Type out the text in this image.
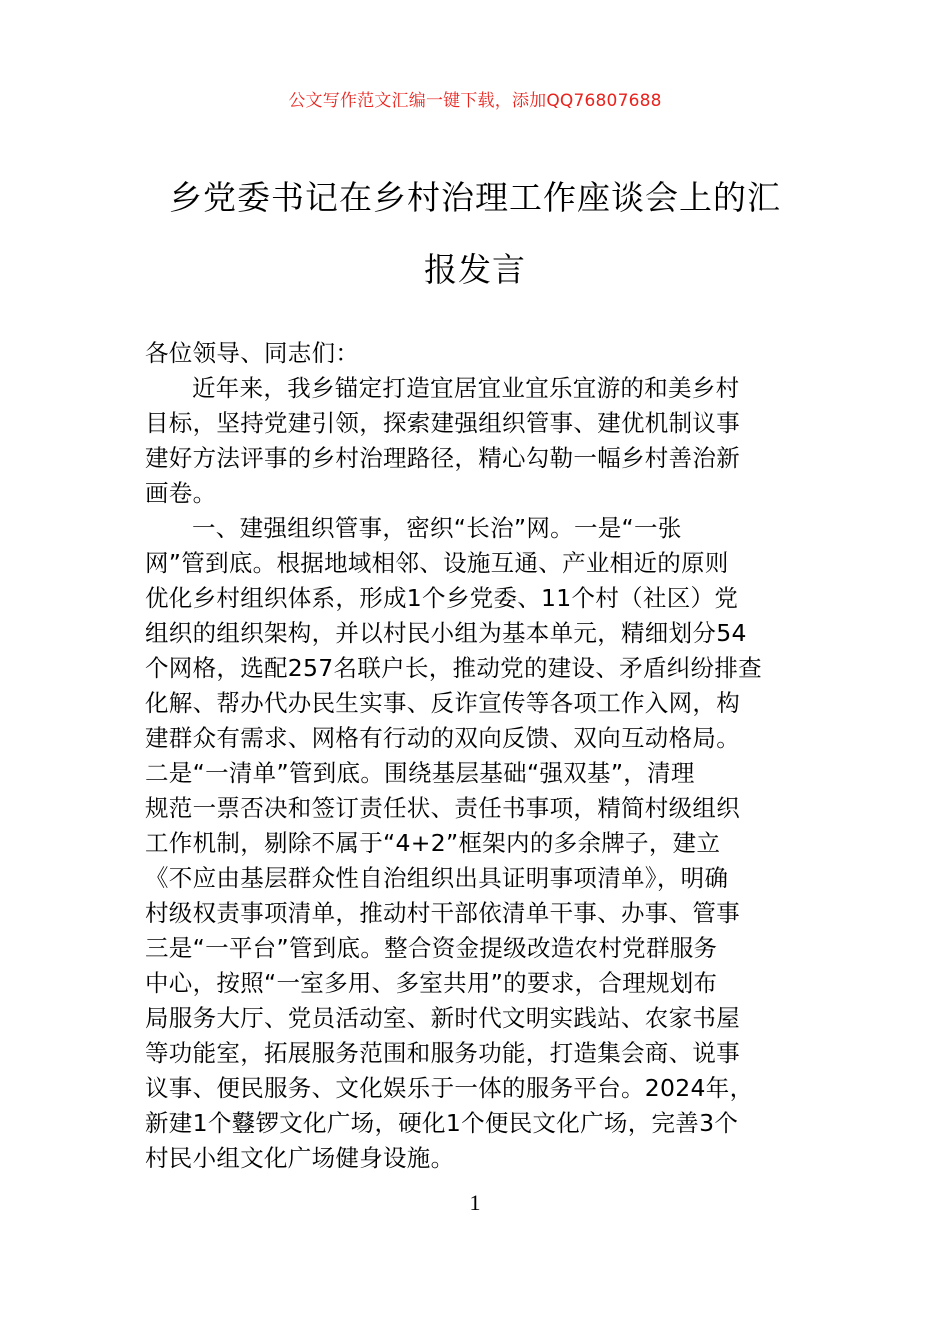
公文写作范文汇编一键下载，添加QQ76807688
乡党委书记在乡村治理工作座谈会上的汇
报发言
各位领导、同志们：
近年来，我乡锚定打造宜居宜业宜乐宜游的和美乡村
目标，坚持党建引领，探索建强组织管事、建优机制议事
建好方法评事的乡村治理路径，精心勾勒一幅乡村善治新
画卷。
一、建强组织管事，密织“长治”网。一是“一张
网”管到底。根据地域相邻、设施互通、产业相近的原则
优化乡村组织体系，形成1个乡党委、11个村（社区）党
组织的组织架构，并以村民小组为基本单元，精细划分54
个网格，选配257名联户长，推动党的建设、矛盾纠纷排查
化解、帮办代办民生实事、反诈宣传等各项工作入网，构
建群众有需求、网格有行动的双向反馈、双向互动格局。
二是“一清单”管到底。围绕基层基础“强双基”，清理
规范一票否决和签订责任状、责任书事项，精简村级组织
工作机制，剔除不属于“4+2”框架内的多余牌子，建立
《不应由基层群众性自治组织出具证明事项清单》，明确
村级权责事项清单，推动村干部依清单干事、办事、管事
三是“一平台”管到底。整合资金提级改造农村党群服务
中心，按照“一室多用、多室共用”的要求，合理规划布
局服务大厅、党员活动室、新时代文明实践站、农家书屋
等功能室，拓展服务范围和服务功能，打造集会商、说事
议事、便民服务、文化娱乐于一体的服务平台。2024年，
新建1个鼟锣文化广场，硬化1个便民文化广场，完善3个
村民小组文化广场健身设施。
1
